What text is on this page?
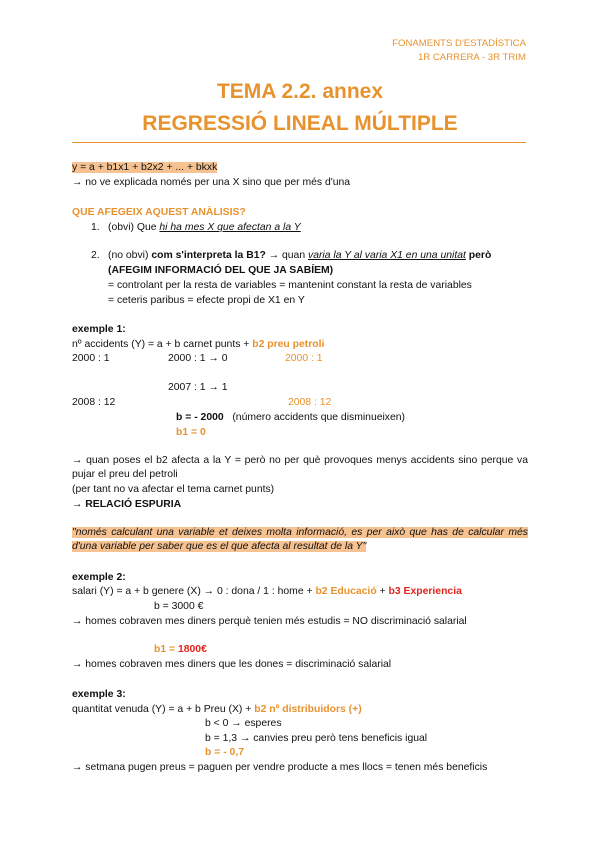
FONAMENTS D'ESTADÍSTICA
1R CARRERA - 3R TRIM
TEMA 2.2. annex
REGRESSIÓ LINEAL MÚLTIPLE
y = a + b1x1 + b2x2 + ... + bkxk
→ no ve explicada només per una X sino que per més d'una
QUE AFEGEIX AQUEST ANÀLISIS?
1. (obvi) Que hi ha mes X que afectan a la Y
2. (no obvi) com s'interpreta la B1? → quan varia la Y al varia X1 en una unitat però
(AFEGIM INFORMACIÓ DEL QUE JA SABÍEM)
= controlant per la resta de variables = mantenint constant la resta de variables
= ceteris paribus = efecte propi de X1 en Y
exemple 1:
nº accidents (Y) = a + b carnet punts + b2 preu petroli
2000 : 1	2000 : 1 → 0	2000 : 1
2007 : 1 → 1
2008 : 12	2008 : 12
b = - 2000 (número accidents que disminueixen)
b1 = 0
→ quan poses el b2 afecta a la Y = però no per què provoques menys accidents sino perque va pujar el preu del petroli
(per tant no va afectar el tema carnet punts)
→ RELACIÓ ESPURIA
"només calculant una variable et deixes molta informació, es per això que has de calcular més d'una variable per saber que es el que afecta al resultat de la Y"
exemple 2:
salari (Y) = a + b genere (X) → 0 : dona / 1 : home + b2 Educació + b3 Experiencia
b = 3000 €
→ homes cobraven mes diners perquè tenien més estudis = NO discriminació salarial
b1 = 1800€
→ homes cobraven mes diners que les dones = discriminació salarial
exemple 3:
quantitat venuda (Y) = a + b Preu (X) + b2 nº distribuidors (+)
b < 0 → esperes
b = 1,3 → canvies preu però tens beneficis igual
b = - 0,7
→ setmana pugen preus = paguen per vendre producte a mes llocs = tenen més beneficis
